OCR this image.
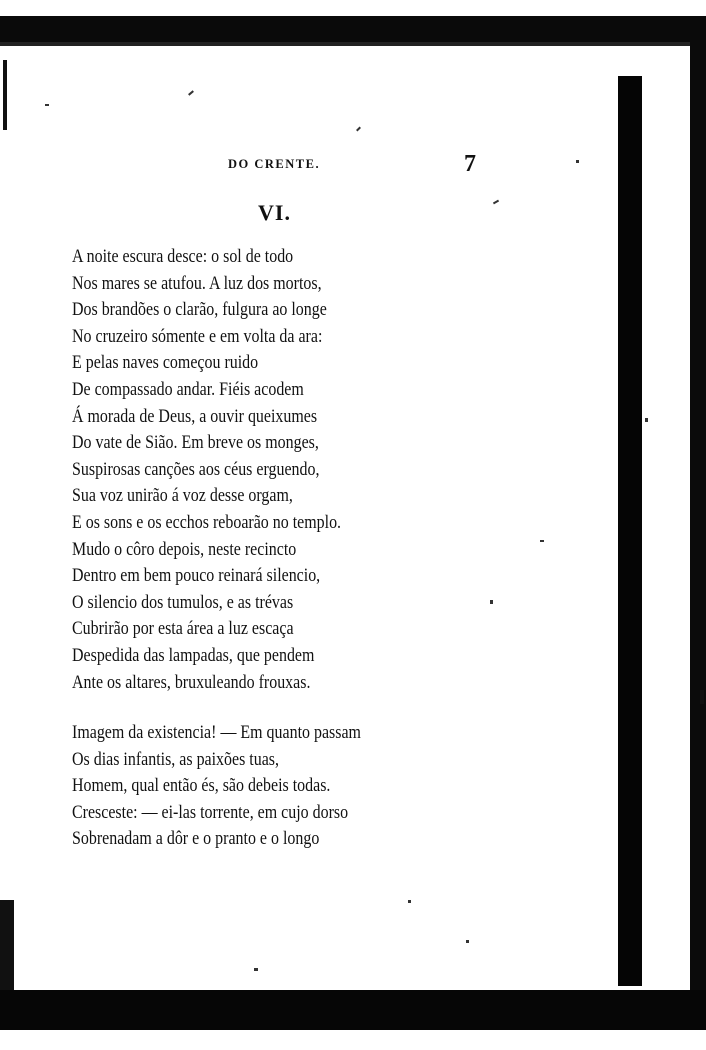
DO CRENTE.	7
VI.
A noite escura desce: o sol de todo
Nos mares se atufou. A luz dos mortos,
Dos brandões o clarão, fulgura ao longe
No cruzeiro sómente e em volta da ara:
E pelas naves começou ruido
De compassado andar. Fiéis acodem
Á morada de Deus, a ouvir queixumes
Do vate de Sião. Em breve os monges,
Suspirosas canções aos céus erguendo,
Sua voz unirão á voz desse orgam,
E os sons e os ecchos reboarão no templo.
Mudo o côro depois, neste recincto
Dentro em bem pouco reinará silencio,
O silencio dos tumulos, e as trévas
Cubrirão por esta área a luz escaça
Despedida das lampadas, que pendem
Ante os altares, bruxuleando frouxas.
Imagem da existencia! — Em quanto passam
Os dias infantis, as paixões tuas,
Homem, qual então és, são debeis todas.
Cresceste: — ei-las torrente, em cujo dorso
Sobrenadam a dôr e o pranto e o longo
